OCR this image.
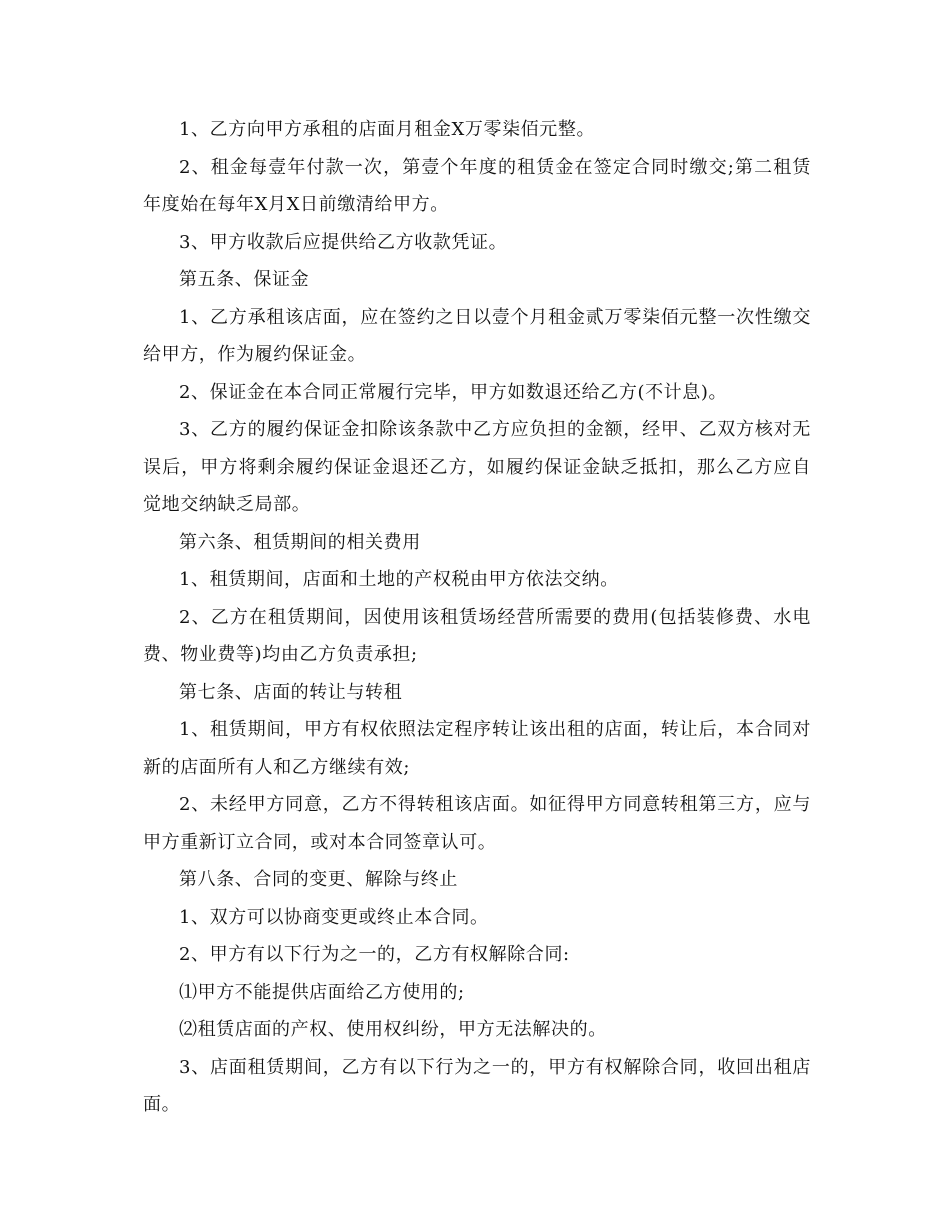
1、乙方向甲方承租的店面月租金X万零柒佰元整。

2、租金每壹年付款一次，第壹个年度的租赁金在签定合同时缴交;第二租赁年度始在每年X月X日前缴清给甲方。

3、甲方收款后应提供给乙方收款凭证。

第五条、保证金

1、乙方承租该店面，应在签约之日以壹个月租金贰万零柒佰元整一次性缴交给甲方，作为履约保证金。

2、保证金在本合同正常履行完毕，甲方如数退还给乙方(不计息)。

3、乙方的履约保证金扣除该条款中乙方应负担的金额，经甲、乙双方核对无误后，甲方将剩余履约保证金退还乙方，如履约保证金缺乏抵扣，那么乙方应自觉地交纳缺乏局部。

第六条、租赁期间的相关费用

1、租赁期间，店面和土地的产权税由甲方依法交纳。

2、乙方在租赁期间，因使用该租赁场经营所需要的费用(包括装修费、水电费、物业费等)均由乙方负责承担;

第七条、店面的转让与转租

1、租赁期间，甲方有权依照法定程序转让该出租的店面，转让后，本合同对新的店面所有人和乙方继续有效;

2、未经甲方同意，乙方不得转租该店面。如征得甲方同意转租第三方，应与甲方重新订立合同，或对本合同签章认可。

第八条、合同的变更、解除与终止

1、双方可以协商变更或终止本合同。

2、甲方有以下行为之一的，乙方有权解除合同:

⑴甲方不能提供店面给乙方使用的;

⑵租赁店面的产权、使用权纠纷，甲方无法解决的。

3、店面租赁期间，乙方有以下行为之一的，甲方有权解除合同，收回出租店面。
